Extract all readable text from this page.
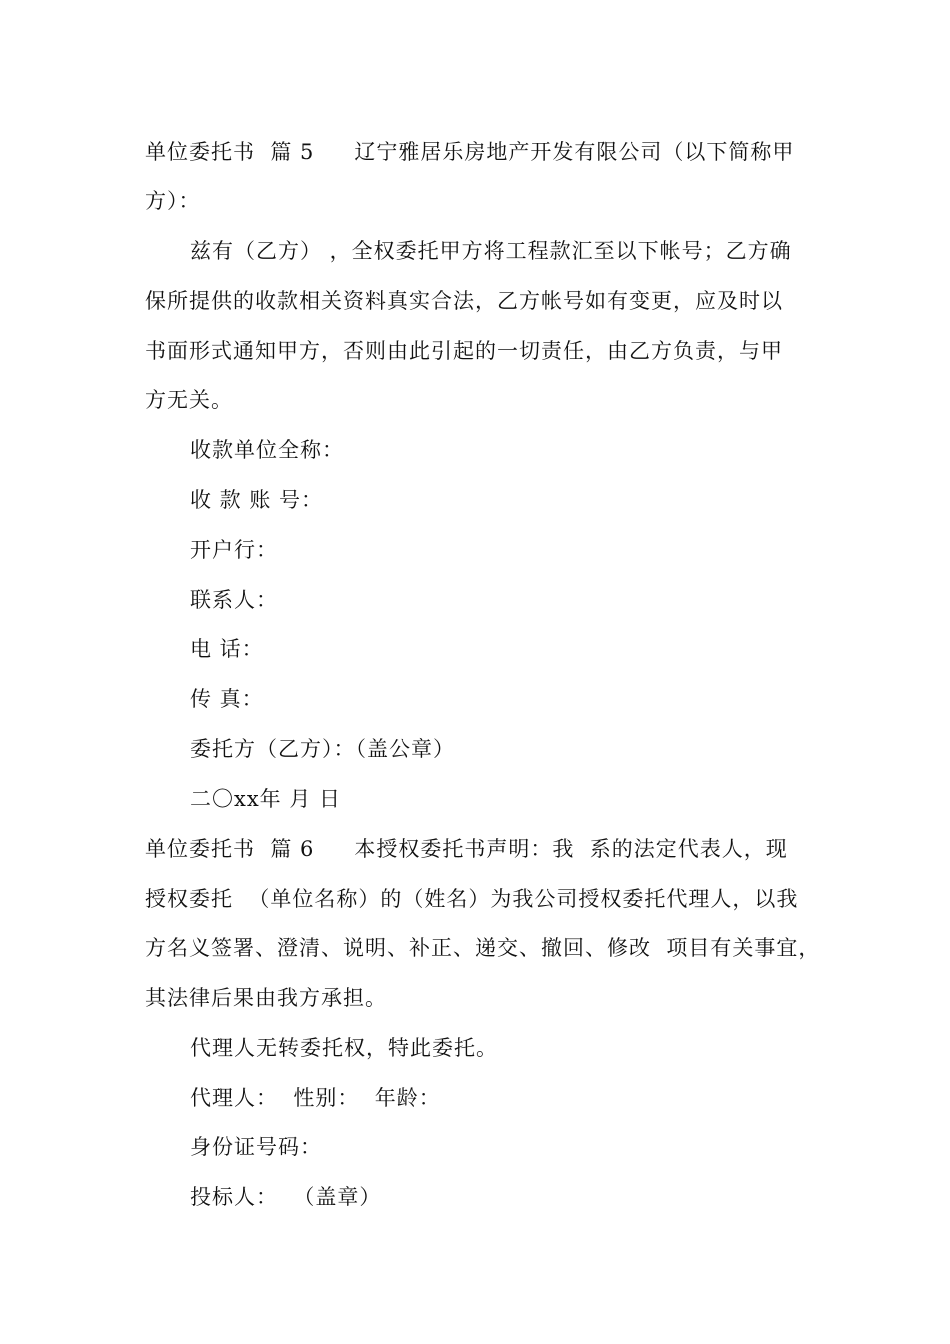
单位委托书  篇 5 辽宁雅居乐房地产开发有限公司（以下简称甲
方）：
兹有（乙方） ，全权委托甲方将工程款汇至以下帐号；乙方确
保所提供的收款相关资料真实合法，乙方帐号如有变更，应及时以
书面形式通知甲方，否则由此引起的一切责任，由乙方负责，与甲
方无关。
收款单位全称：
收 款 账 号：
开户行：
联系人：
电 话：
传 真：
委托方（乙方）：（盖公章）
二〇xx年 月 日
单位委托书  篇 6 本授权委托书声明：我  系的法定代表人，现
授权委托  （单位名称）的（姓名）为我公司授权委托代理人，以我
方名义签署、澄清、说明、补正、递交、撤回、修改  项目有关事宜，
其法律后果由我方承担。
代理人无转委托权，特此委托。
代理人：  性别：  年龄：
身份证号码：
投标人：  （盖章）
